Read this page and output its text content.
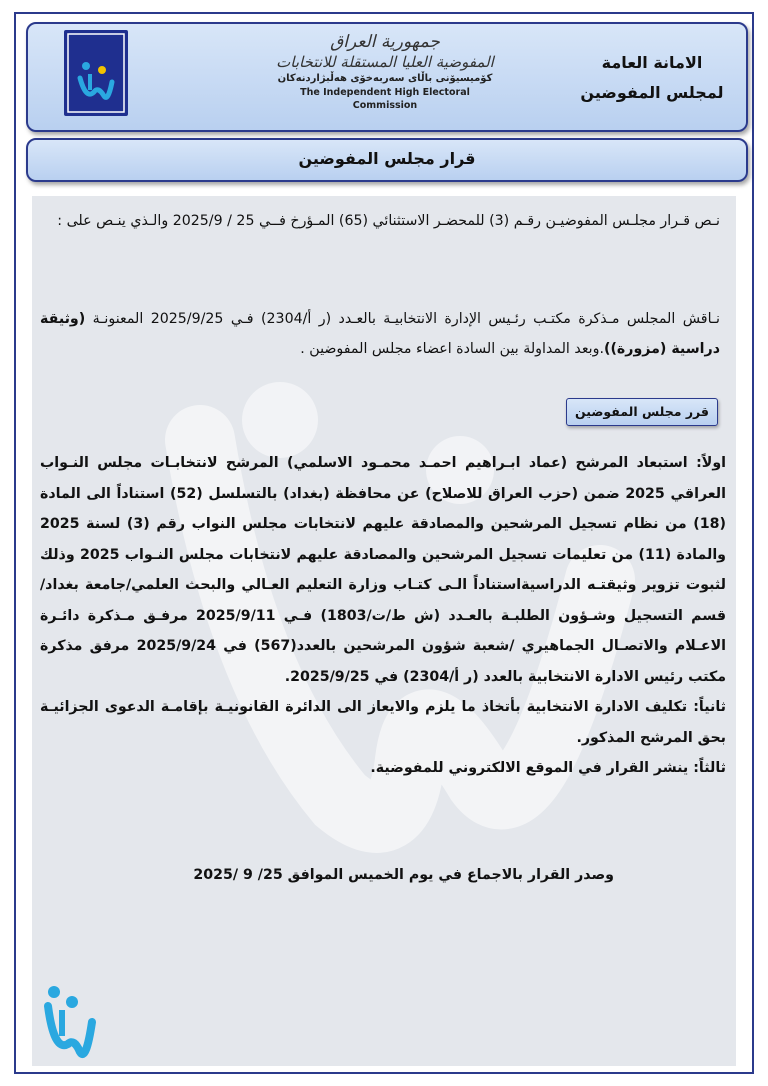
جمهورية العراق
المفوضية العليا المستقلة للانتخابات
کۆمیسیۆنی باڵای سەربەخۆی هەڵبژاردنەکان
The Independent High Electoral Commission
الامانة العامة
لمجلس المفوضين
قرار مجلس المفوضين
نـص قـرار مجلـس المفوضيـن رقـم (3) للمحضـر الاستثنائي (65) المـؤرخ فــي 25 / 2025/9 والـذي ينـص على :
نـاقش المجلس مـذكرة مكتـب رئـيس الإدارة الانتخابيـة بالعـدد (ر أ/2304) فـي 2025/9/25 المعنونـة (وثيقة دراسية (مزورة)).وبعد المداولة بين السادة اعضاء مجلس المفوضين .
قرر مجلس المفوضين
اولاً: استبعاد المرشح (عماد ابـراهيم احمـد محمـود الاسلمي) المرشح لانتخابـات مجلس النـواب العراقي 2025 ضمن (حزب العراق للاصلاح) عن محافظة (بغداد) بالتسلسل (52) استناداً الى المادة (18) من نظام تسجيل المرشحين والمصادقة عليهم لانتخابات مجلس النواب رقم (3) لسنة 2025 والمادة (11) من تعليمات تسجيل المرشحين والمصادقة عليهم لانتخابات مجلس النـواب 2025 وذلك لثبوت تزوير وثيقتـه الدراسيةاستناداً الـى كتـاب وزارة التعليم العـالي والبحث العلمي/جامعة بغداد/قسم التسجيل وشـؤون الطلبـة بالعـدد (ش ط/ت/1803) فـي 2025/9/11 مرفـق مـذكرة دائـرة الاعـلام والاتصـال الجماهيري /شعبة شؤون المرشحين بالعدد(567) في 2025/9/24 مرفق مذكرة مكتب رئيس الادارة الانتخابية بالعدد (ر أ/2304) في 2025/9/25.
ثانياً: تكليف الادارة الانتخابية بأتخاذ ما يلزم والايعاز الى الدائرة القانونيـة بإقامـة الدعوى الجزائيـة بحق المرشح المذكور.
ثالثاً: ينشر القرار في الموقع الالكتروني للمفوضية.
وصدر القرار بالاجماع في يوم الخميس الموافق 25/ 9 /2025
